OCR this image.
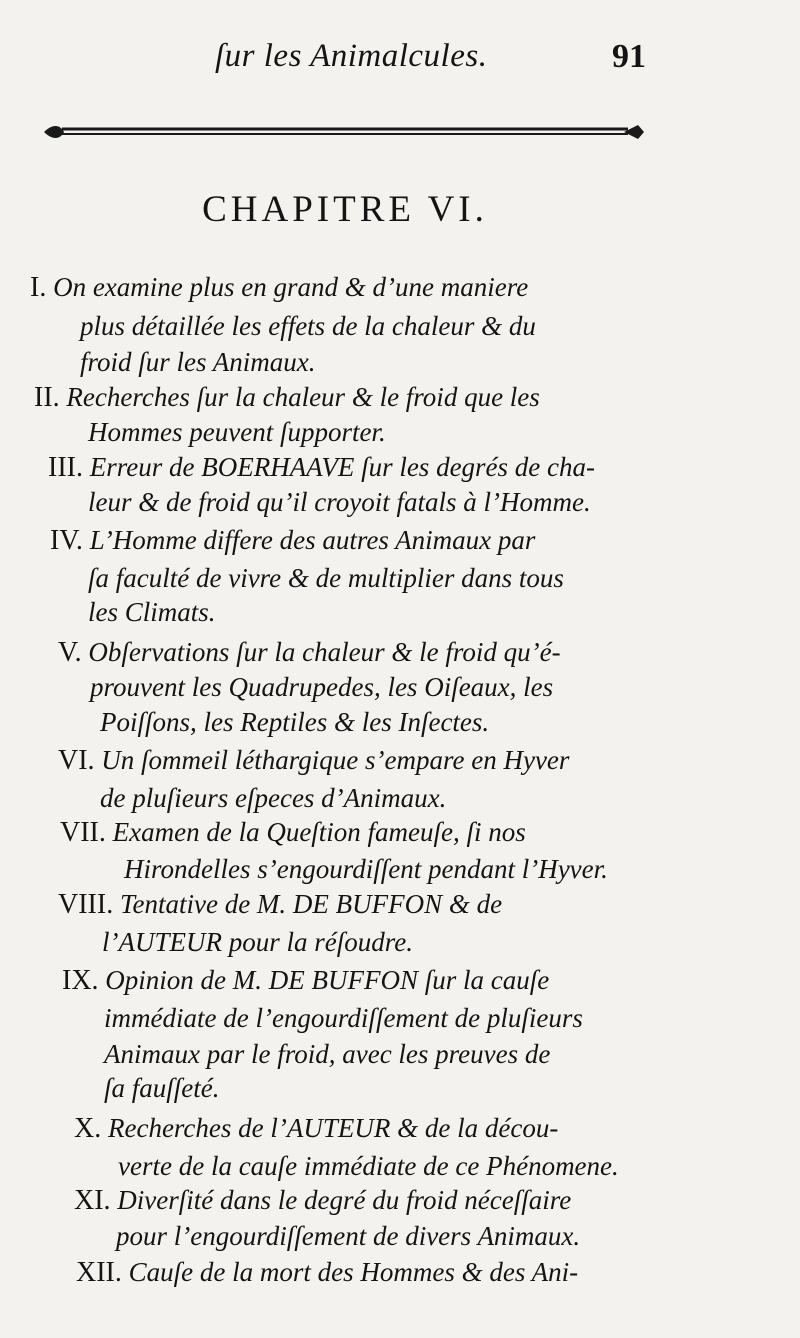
ſur les Animalcules.	91
CHAPITRE VI.
I. On examine plus en grand & d’une maniere
plus détaillée les effets de la chaleur & du
froid ſur les Animaux.
II. Recherches ſur la chaleur & le froid que les
Hommes peuvent ſupporter.
III. Erreur de BOERHAAVE ſur les degrés de cha-
leur & de froid qu’il croyoit fatals à l’Homme.
IV. L’Homme differe des autres Animaux par
ſa faculté de vivre & de multiplier dans tous
les Climats.
V. Obſervations ſur la chaleur & le froid qu’é-
prouvent les Quadrupedes, les Oiſeaux, les
Poiſſons, les Reptiles & les Inſectes.
VI. Un ſommeil léthargique s’empare en Hyver
de pluſieurs eſpeces d’Animaux.
VII. Examen de la Queſtion fameuſe, ſi nos
Hirondelles s’engourdiſſent pendant l’Hyver.
VIII. Tentative de M. DE BUFFON & de
l’AUTEUR pour la réſoudre.
IX. Opinion de M. DE BUFFON ſur la cauſe
immédiate de l’engourdiſſement de pluſieurs
Animaux par le froid, avec les preuves de
ſa fauſſeté.
X. Recherches de l’AUTEUR & de la décou-
verte de la cauſe immédiate de ce Phénomene.
XI. Diverſité dans le degré du froid néceſſaire
pour l’engourdiſſement de divers Animaux.
XII. Cauſe de la mort des Hommes & des Ani-
